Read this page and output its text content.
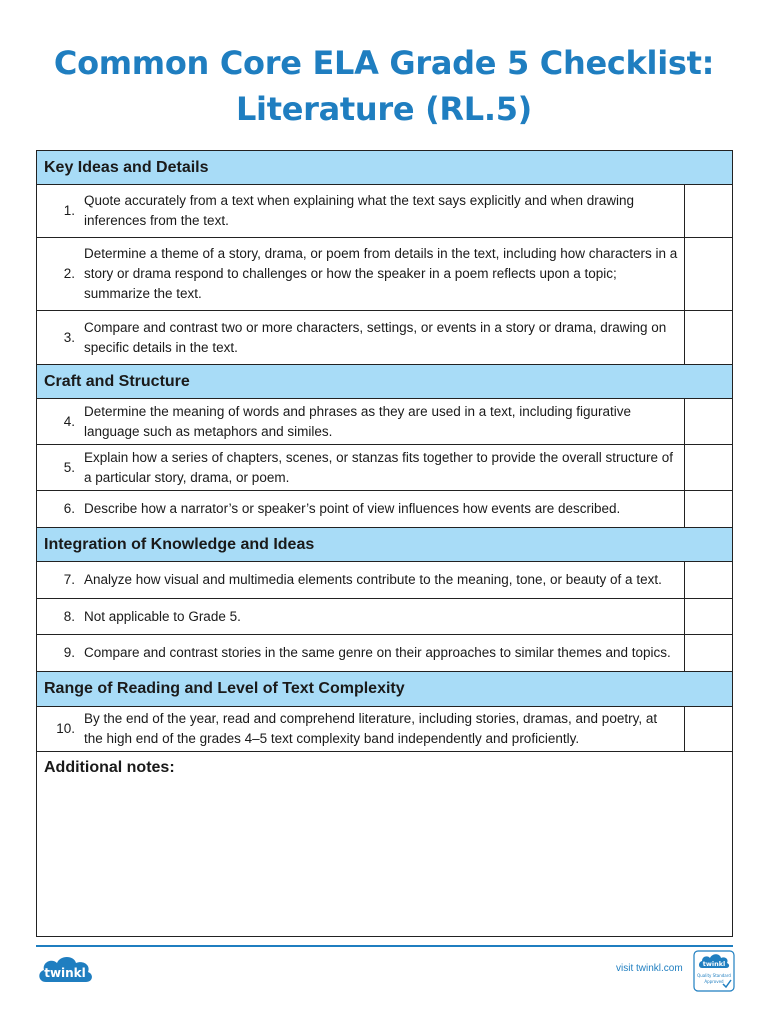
Common Core ELA Grade 5 Checklist:
Literature (RL.5)
Key Ideas and Details
1.
Quote accurately from a text when explaining what the text says explicitly and when drawing inferences from the text.
2.
Determine a theme of a story, drama, or poem from details in the text, including how characters in a story or drama respond to challenges or how the speaker in a poem reflects upon a topic; summarize the text.
3.
Compare and contrast two or more characters, settings, or events in a story or drama, drawing on specific details in the text.
Craft and Structure
4.
Determine the meaning of words and phrases as they are used in a text, including figurative language such as metaphors and similes.
5.
Explain how a series of chapters, scenes, or stanzas fits together to provide the overall structure of a particular story, drama, or poem.
6. Describe how a narrator’s or speaker’s point of view influences how events are described.
Integration of Knowledge and Ideas
7. Analyze how visual and multimedia elements contribute to the meaning, tone, or beauty of a text.
8. Not applicable to Grade 5.
9. Compare and contrast stories in the same genre on their approaches to similar themes and topics.
Range of Reading and Level of Text Complexity
10.
By the end of the year, read and comprehend literature, including stories, dramas, and poetry, at the high end of the grades 4–5 text complexity band independently and proficiently.
Additional notes:
twinkl	visit twinkl.com	twinkl
Quality Standard
Approved
